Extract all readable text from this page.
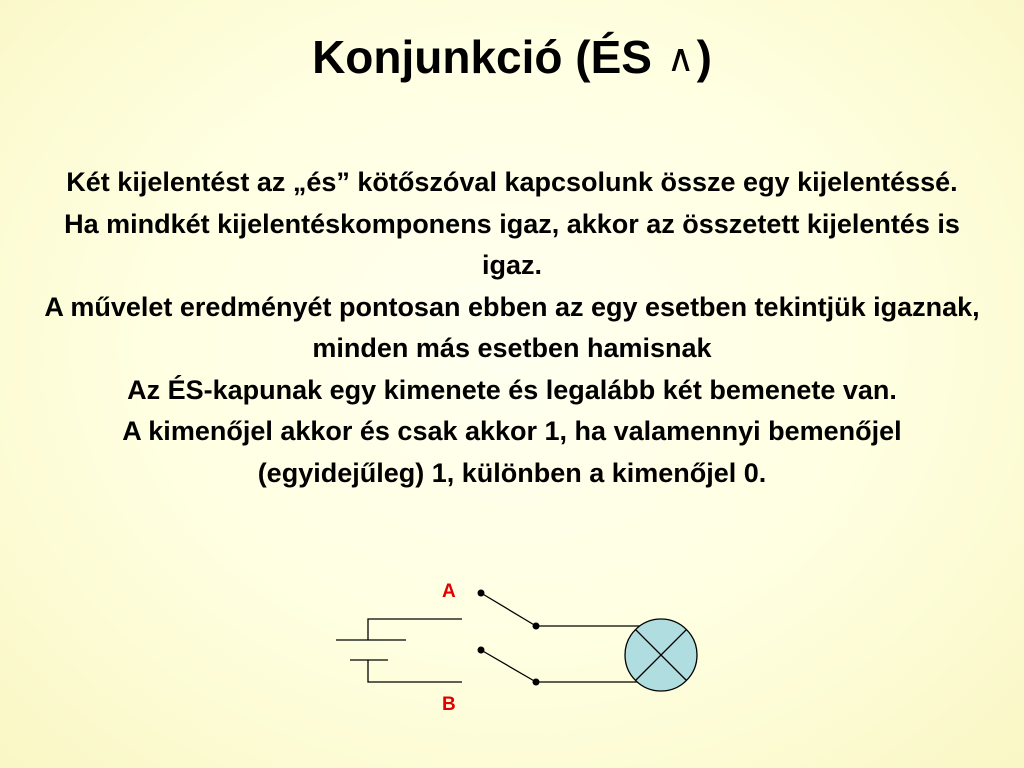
Konjunkció (ÉS ∧)

Két kijelentést az „és” kötőszóval kapcsolunk össze egy kijelentéssé.

Ha mindkét kijelentéskomponens igaz, akkor az összetett kijelentés is igaz.

A művelet eredményét pontosan ebben az egy esetben tekintjük igaznak, minden más esetben hamisnak

Az ÉS-kapunak egy kimenete és legalább két bemenete van.

A kimenőjel akkor és csak akkor 1, ha valamennyi bemenőjel (egyidejűleg) 1, különben a kimenőjel 0.

A
B
